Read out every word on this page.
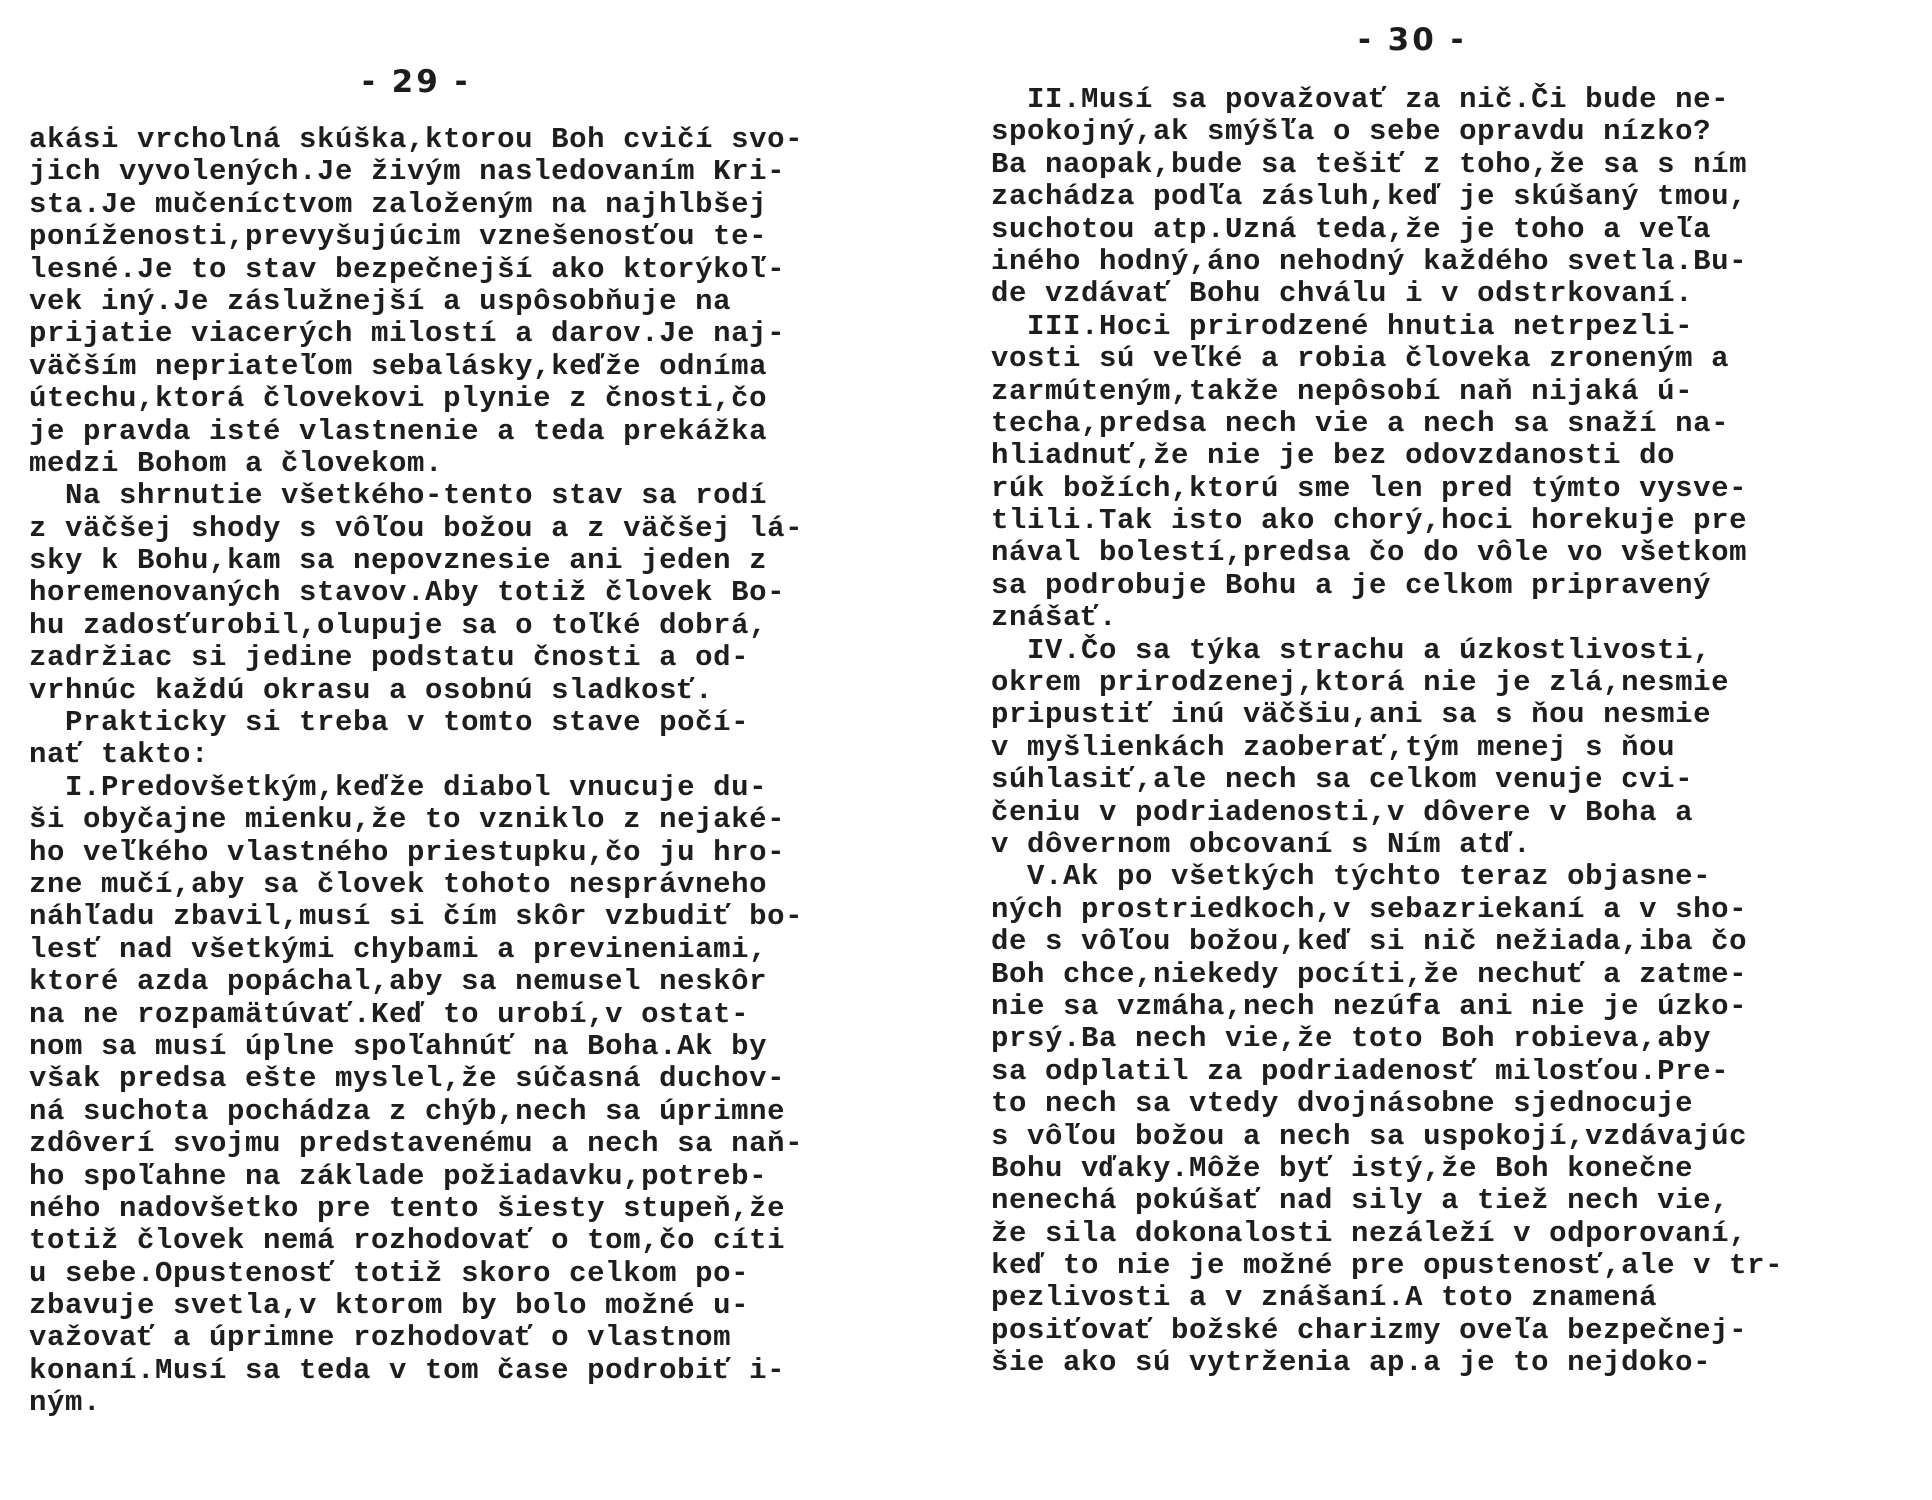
- 29 -
akási vrcholná skúška,ktorou Boh cvičí svo-
jich vyvolených.Je živým nasledovaním Kri-
sta.Je mučeníctvom založeným na najhlbšej
poníženosti,prevyšujúcim vznešenosťou te-
lesné.Je to stav bezpečnejší ako ktorýkoľ-
vek iný.Je záslužnejší a uspôsobňuje na
prijatie viacerých milostí a darov.Je naj-
väčším nepriateľom sebalásky,keďže odníma
útechu,ktorá človekovi plynie z čnosti,čo
je pravda isté vlastnenie a teda prekážka
medzi Bohom a človekom.
Na shrnutie všetkého-tento stav sa rodí
z väčšej shody s vôľou božou a z väčšej lá-
sky k Bohu,kam sa nepovznesie ani jeden z
horemenovaných stavov.Aby totiž človek Bo-
hu zadosťurobil,olupuje sa o toľké dobrá,
zadržiac si jedine podstatu čnosti a od-
vrhnúc každú okrasu a osobnú sladkosť.
Prakticky si treba v tomto stave počí-
nať takto:
I.Predovšetkým,keďže diabol vnucuje du-
ši obyčajne mienku,že to vzniklo z nejaké-
ho veľkého vlastného priestupku,čo ju hro-
zne mučí,aby sa človek tohoto nesprávneho
náhľadu zbavil,musí si čím skôr vzbudiť bo-
lesť nad všetkými chybami a previneniami,
ktoré azda popáchal,aby sa nemusel neskôr
na ne rozpamätúvať.Keď to urobí,v ostat-
nom sa musí úplne spoľahnúť na Boha.Ak by
však predsa ešte myslel,že súčasná duchov-
ná suchota pochádza z chýb,nech sa úprimne
zdôverí svojmu predstavenému a nech sa naň-
ho spoľahne na základe požiadavku,potreb-
ného nadovšetko pre tento šiesty stupeň,že
totiž človek nemá rozhodovať o tom,čo cíti
u sebe.Opustenosť totiž skoro celkom po-
zbavuje svetla,v ktorom by bolo možné u-
važovať a úprimne rozhodovať o vlastnom
konaní.Musí sa teda v tom čase podrobiť i-
ným.
- 30 -
II.Musí sa považovať za nič.Či bude ne-
spokojný,ak smýšľa o sebe opravdu nízko?
Ba naopak,bude sa tešiť z toho,že sa s ním
zachádza podľa zásluh,keď je skúšaný tmou,
suchotou atp.Uzná teda,že je toho a veľa
iného hodný,áno nehodný každého svetla.Bu-
de vzdávať Bohu chválu i v odstrkovaní.
III.Hoci prirodzené hnutia netrpezli-
vosti sú veľké a robia človeka zroneným a
zarmúteným,takže nepôsobí naň nijaká ú-
techa,predsa nech vie a nech sa snaží na-
hliadnuť,že nie je bez odovzdanosti do
rúk božích,ktorú sme len pred týmto vysve-
tlili.Tak isto ako chorý,hoci horekuje pre
nával bolestí,predsa čo do vôle vo všetkom
sa podrobuje Bohu a je celkom pripravený
znášať.
IV.Čo sa týka strachu a úzkostlivosti,
okrem prirodzenej,ktorá nie je zlá,nesmie
pripustiť inú väčšiu,ani sa s ňou nesmie
v myšlienkách zaoberať,tým menej s ňou
súhlasiť,ale nech sa celkom venuje cvi-
čeniu v podriadenosti,v dôvere v Boha a
v dôvernom obcovaní s Ním atď.
V.Ak po všetkých týchto teraz objasne-
ných prostriedkoch,v sebazriekaní a v sho-
de s vôľou božou,keď si nič nežiada,iba čo
Boh chce,niekedy pocíti,že nechuť a zatme-
nie sa vzmáha,nech nezúfa ani nie je úzko-
prsý.Ba nech vie,že toto Boh robieva,aby
sa odplatil za podriadenosť milosťou.Pre-
to nech sa vtedy dvojnásobne sjednocuje
s vôľou božou a nech sa uspokojí,vzdávajúc
Bohu vďaky.Môže byť istý,že Boh konečne
nenechá pokúšať nad sily a tiež nech vie,
že sila dokonalosti nezáleží v odporovaní,
keď to nie je možné pre opustenosť,ale v tr-
pezlivosti a v znášaní.A toto znamená
posiťovať božské charizmy oveľa bezpečnej-
šie ako sú vytrženia ap.a je to nejdoko-
